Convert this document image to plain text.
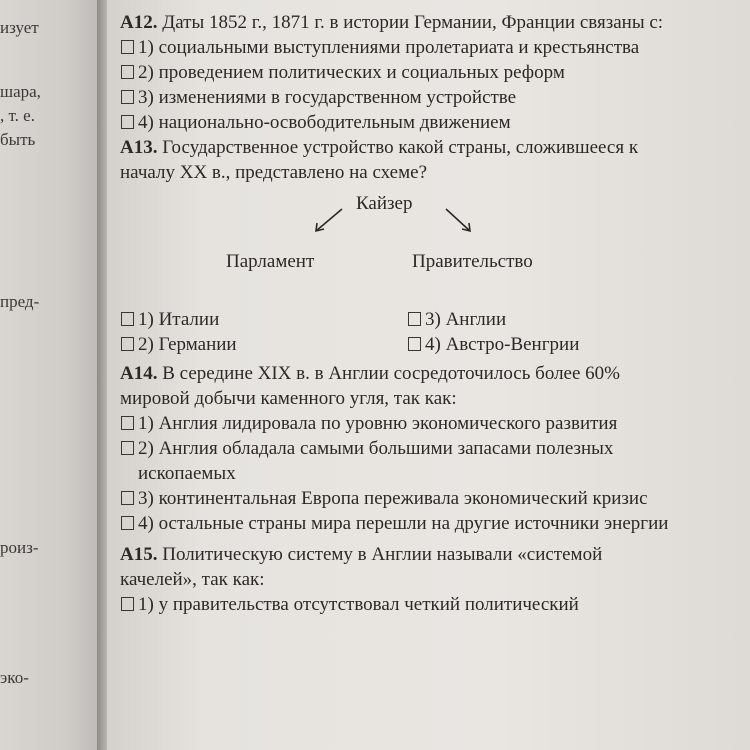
изует
шара,
, т. е.
быть
пред-
роиз-
эко-

А12. Даты 1852 г., 1871 г. в истории Германии, Франции связаны с:

1) социальными выступлениями пролетариата и крестьянства

2) проведением политических и социальных реформ

3) изменениями в государственном устройстве

4) национально-освободительным движением

А13. Государственное устройство какой страны, сложившееся к началу XX в., представлено на схеме?

Кайзер
Парламент	Правительство

1) Италии

2) Германии

3) Англии

4) Австро-Венгрии

А14. В середине XIX в. в Англии сосредоточилось более 60% мировой добычи каменного угля, так как:

1) Англия лидировала по уровню экономического развития

2) Англия обладала самыми большими запасами полезных ископаемых

3) континентальная Европа переживала экономический кризис

4) остальные страны мира перешли на другие источники энергии

А15. Политическую систему в Англии называли «системой качелей», так как:

1) у правительства отсутствовал четкий политический
